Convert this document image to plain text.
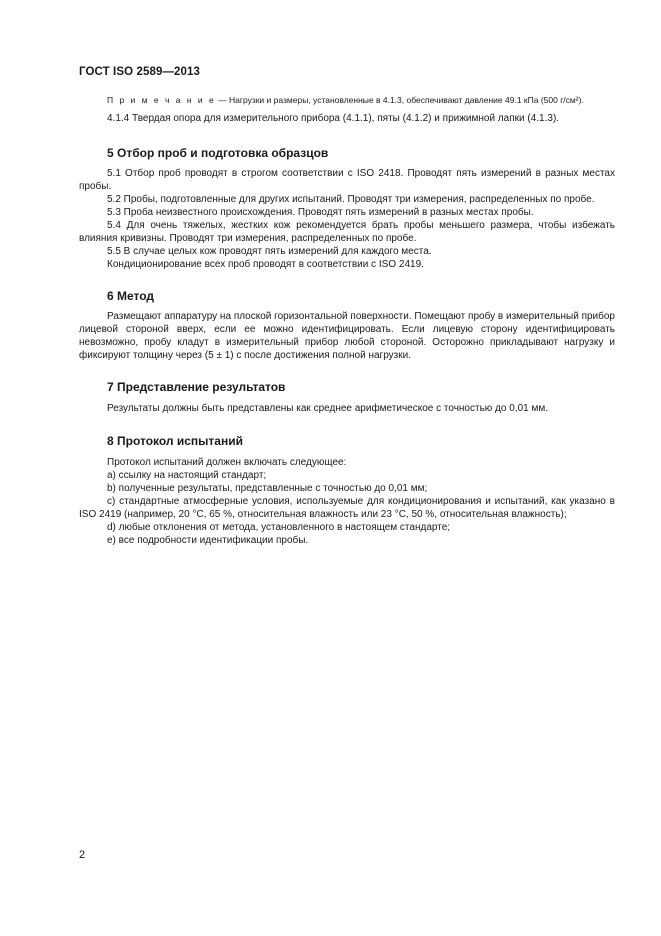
ГОСТ ISO 2589—2013

П р и м е ч а н и е — Нагрузки и размеры, установленные в 4.1.3, обеспечивают давление 49.1 кПа (500 г/см²).

4.1.4 Твердая опора для измерительного прибора (4.1.1), пяты (4.1.2) и прижимной лапки (4.1.3).

5 Отбор проб и подготовка образцов

5.1 Отбор проб проводят в строгом соответствии с ISO 2418. Проводят пять измерений в разных местах пробы.

5.2 Пробы, подготовленные для других испытаний. Проводят три измерения, распределенных по пробе.

5.3 Проба неизвестного происхождения. Проводят пять измерений в разных местах пробы.

5.4 Для очень тяжелых, жестких кож рекомендуется брать пробы меньшего размера, чтобы избежать влияния кривизны. Проводят три измерения, распределенных по пробе.

5.5 В случае целых кож проводят пять измерений для каждого места.

Кондиционирование всех проб проводят в соответствии с ISO 2419.

6 Метод

Размещают аппаратуру на плоской горизонтальной поверхности. Помещают пробу в измерительный прибор лицевой стороной вверх, если ее можно идентифицировать. Если лицевую сторону идентифицировать невозможно, пробу кладут в измерительный прибор любой стороной. Осторожно прикладывают нагрузку и фиксируют толщину через (5 ± 1) с после достижения полной нагрузки.

7 Представление результатов

Результаты должны быть представлены как среднее арифметическое с точностью до 0,01 мм.

8 Протокол испытаний

Протокол испытаний должен включать следующее:

a) ссылку на настоящий стандарт;

b) полученные результаты, представленные с точностью до 0,01 мм;

c) стандартные атмосферные условия, используемые для кондиционирования и испытаний, как указано в ISO 2419 (например, 20 °C, 65 %, относительная влажность или 23 °C, 50 %, относительная влажность);

d) любые отклонения от метода, установленного в настоящем стандарте;

e) все подробности идентификации пробы.

2
